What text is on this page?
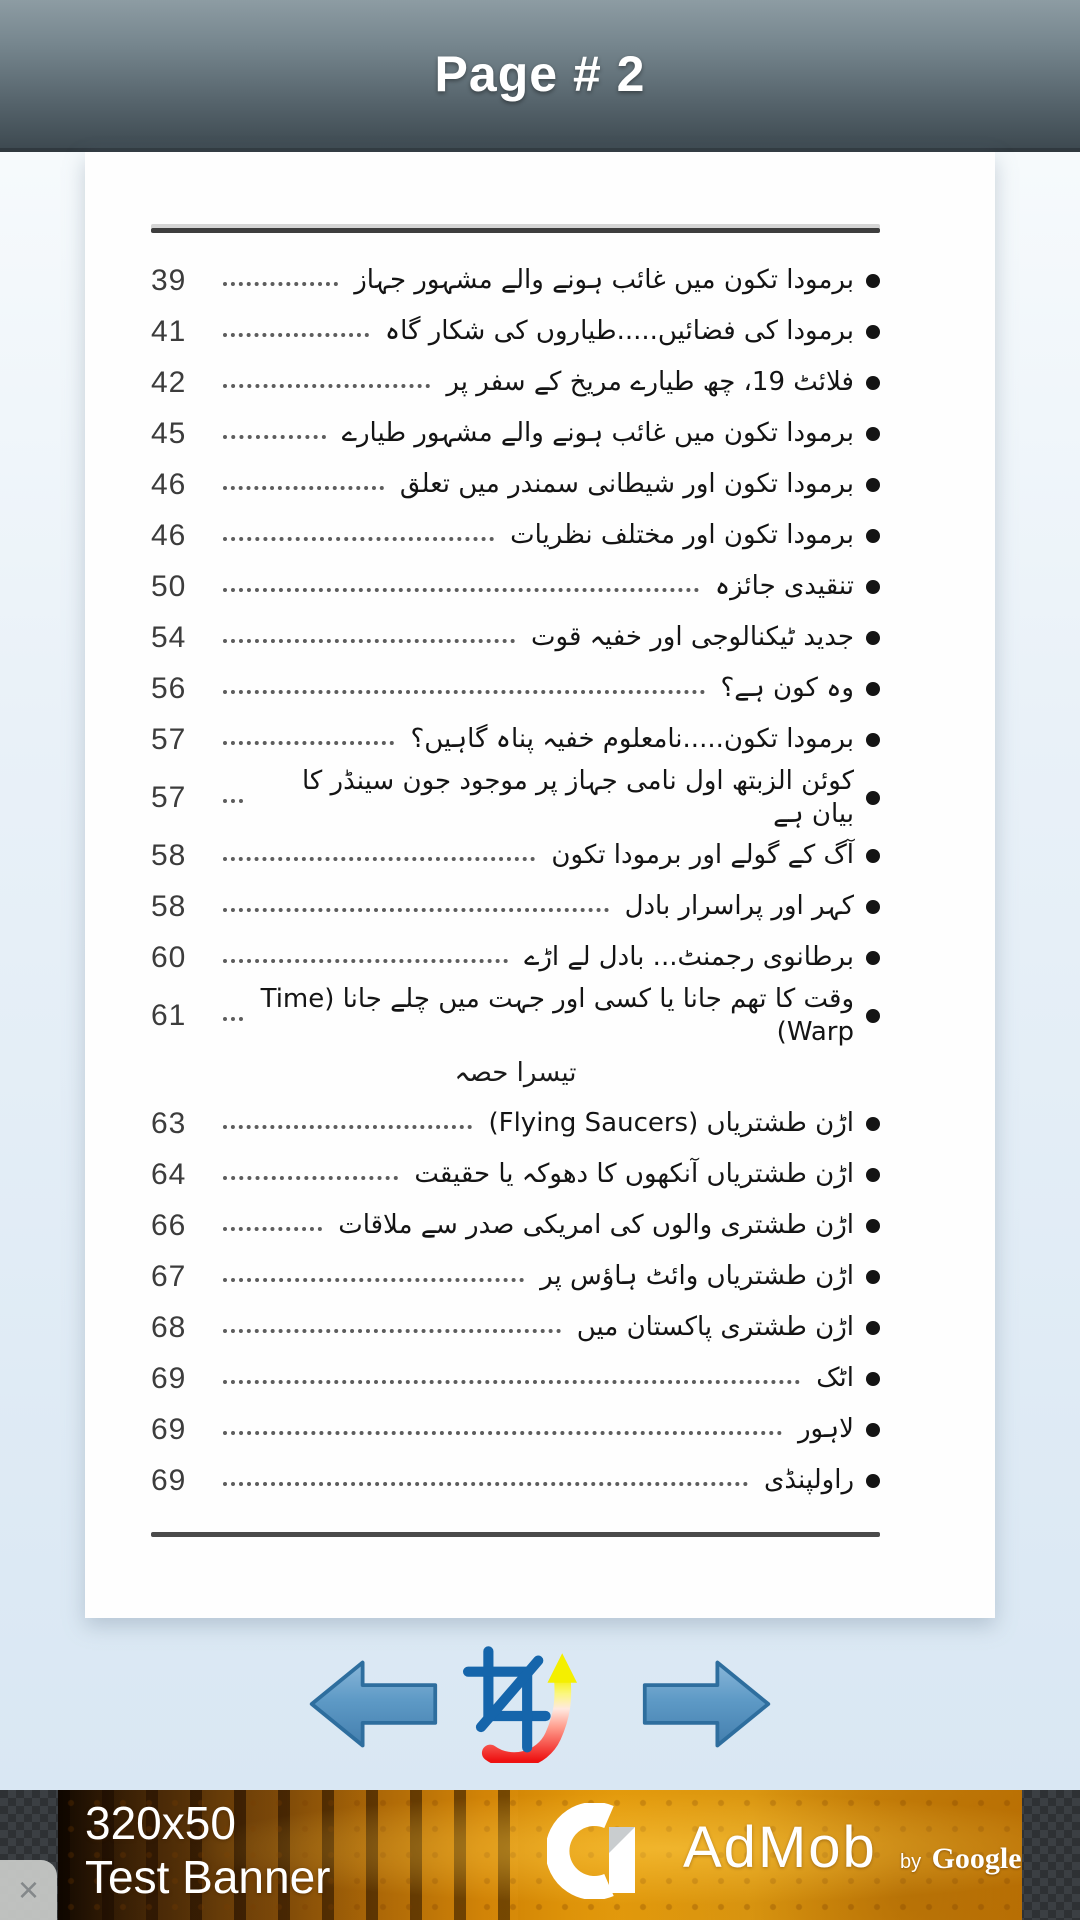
Page # 2
39	برمودا تکون میں غائب ہونے والے مشہور جہاز
41	برمودا کی فضائیں.....طیاروں کی شکار گاہ
42	فلائٹ 19، چھ طیارے مریخ کے سفر پر
45	برمودا تکون میں غائب ہونے والے مشہور طیارے
46	برمودا تکون اور شیطانی سمندر میں تعلق
46	برمودا تکون اور مختلف نظریات
50	تنقیدی جائزہ
54	جدید ٹیکنالوجی اور خفیہ قوت
56	وہ کون ہے؟
57	برمودا تکون.....نامعلوم خفیہ پناہ گاہیں؟
57	کوئن الزبتھ اول نامی جہاز پر موجود جون سینڈر کا بیان ہے
58	آگ کے گولے اور برمودا تکون
58	کہر اور پراسرار بادل
60	برطانوی رجمنٹ... بادل لے اڑے
61	وقت کا تھم جانا یا کسی اور جہت میں چلے جانا (Time Warp)
تیسرا حصہ
63	اڑن طشتریاں (Flying Saucers)
64	اڑن طشتریاں آنکھوں کا دھوکہ یا حقیقت
66	اڑن طشتری والوں کی امریکی صدر سے ملاقات
67	اڑن طشتریاں وائٹ ہاؤس پر
68	اڑن طشتری پاکستان میں
69	اٹک
69	لاہور
69	راولپنڈی
320x50
Test Banner	AdMob by Google
×
